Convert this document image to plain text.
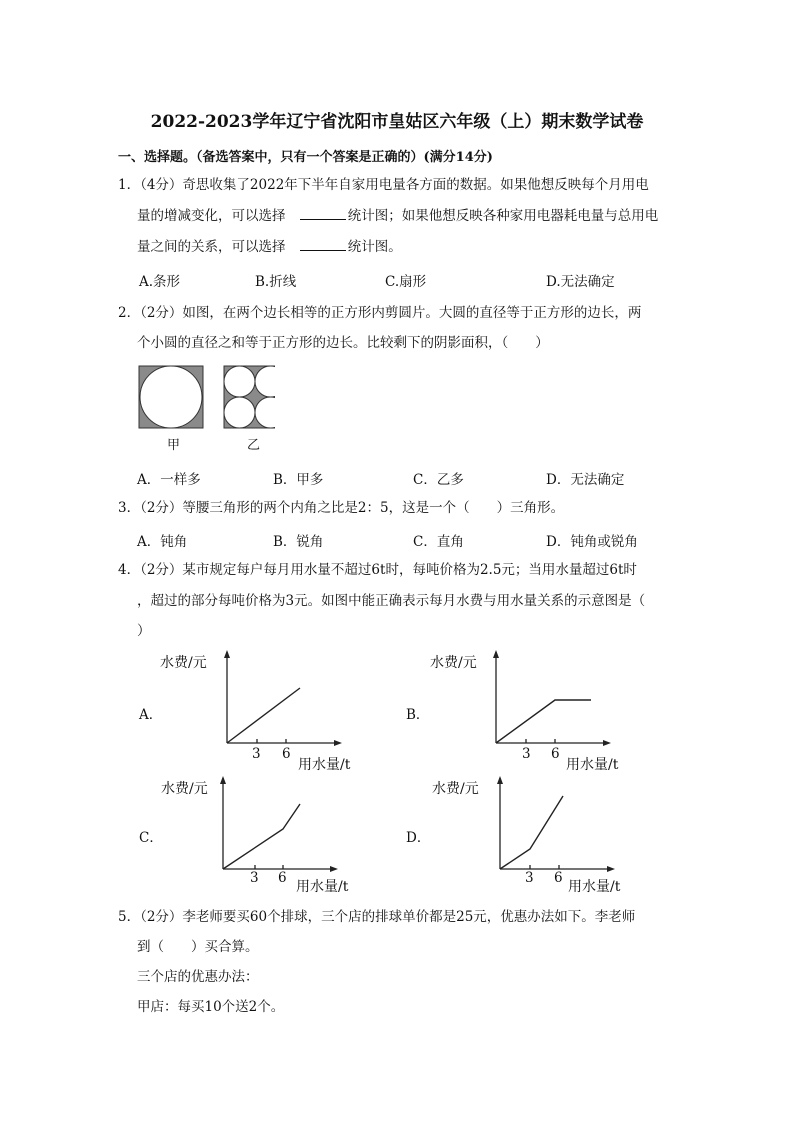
2022-2023学年辽宁省沈阳市皇姑区六年级（上）期末数学试卷
一、选择题。（备选答案中，只有一个答案是正确的）(满分14分)
1．（4分）奇思收集了2022年下半年自家用电量各方面的数据。如果他想反映每个月用电
量的增减变化，可以选择	统计图；如果他想反映各种家用电器耗电量与总用电
量之间的关系，可以选择	统计图。
A.条形	B.折线	C.扇形	D.无法确定
2．（2分）如图，在两个边长相等的正方形内剪圆片。大圆的直径等于正方形的边长，两
个小圆的直径之和等于正方形的边长。比较剩下的阴影面积，（　　）
甲	乙
A．一样多	B．甲多	C．乙多	D．无法确定
3．（2分）等腰三角形的两个内角之比是2：5，这是一个（　　）三角形。
A．钝角	B．锐角	C．直角	D．钝角或锐角
4．（2分）某市规定每户每月用水量不超过6t时，每吨价格为2.5元；当用水量超过6t时
，超过的部分每吨价格为3元。如图中能正确表示每月水费与用水量关系的示意图是（
）
A．
水费/元
3 6
用水量/t
B．
水费/元
3 6
用水量/t
C．
水费/元
3 6
用水量/t
D．
水费/元
3 6
用水量/t
5．（2分）李老师要买60个排球，三个店的排球单价都是25元，优惠办法如下。李老师
到（　　）买合算。
三个店的优惠办法：
甲店：每买10个送2个。
